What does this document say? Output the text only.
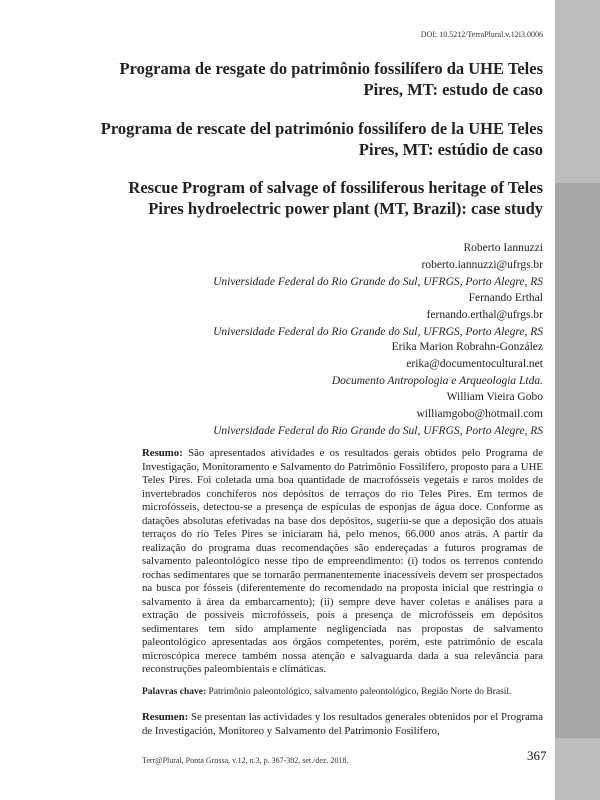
DOI: 10.5212/TerraPlural.v.12i3.0006
Programa de resgate do patrimônio fossilífero da UHE Teles Pires, MT: estudo de caso
Programa de rescate del património fossilífero de la UHE Teles Pires, MT: estúdio de caso
Rescue Program of salvage of fossiliferous heritage of Teles Pires hydroelectric power plant (MT, Brazil): case study
Roberto Iannuzzi
roberto.iannuzzi@ufrgs.br
Universidade Federal do Rio Grande do Sul, UFRGS, Porto Alegre, RS
Fernando Erthal
fernando.erthal@ufrgs.br
Universidade Federal do Rio Grande do Sul, UFRGS, Porto Alegre, RS
Erika Marion Robrahn-González
erika@documentocultural.net
Documento Antropologia e Arqueologia Ltda.
William Vieira Gobo
williamgobo@hotmail.com
Universidade Federal do Rio Grande do Sul, UFRGS, Porto Alegre, RS
Resumo: São apresentados atividades e os resultados gerais obtidos pelo Programa de Investigação, Monitoramento e Salvamento do Patrimônio Fossilífero, proposto para a UHE Teles Pires. Foi coletada uma boa quantidade de macrofósseis vegetais e raros moldes de invertebrados conchíferos nos depósitos de terraços do rio Teles Pires. Em termos de microfósseis, detectou-se a presença de espículas de esponjas de água doce. Conforme as datações absolutas efetivadas na base dos depósitos, sugeriu-se que a deposição dos atuais terraços do rio Teles Pires se iniciaram há, pelo menos, 66.000 anos atrás. A partir da realização do programa duas recomendações são endereçadas a futuros programas de salvamento paleontológico nesse tipo de empreendimento: (i) todos os terrenos contendo rochas sedimentares que se tornarão permanentemente inacessíveis devem ser prospectados na busca por fósseis (diferentemente do recomendado na proposta inicial que restringia o salvamento à área da embarcamento); (ii) sempre deve haver coletas e análises para a extração de possíveis microfósseis, pois a presença de microfósseis em depósitos sedimentares tem sido amplamente negligenciada nas propostas de salvamento paleontológico apresentadas aos órgãos competentes, porém, este patrimônio de escala microscópica merece também nossa atenção e salvaguarda dada a sua relevância para reconstruções paleombientais e climáticas.
Palavras chave: Patrimônio paleontológico, salvamento paleontológico, Região Norte do Brasil.
Resumen: Se presentan las actividades y los resultados generales obtenidos por el Programa de Investigación, Monitoreo y Salvamento del Patrimonio Fosilífero,
Terr@Plural, Ponta Grossa, v.12, n.3, p. 367-382, set./dez. 2018.	367
